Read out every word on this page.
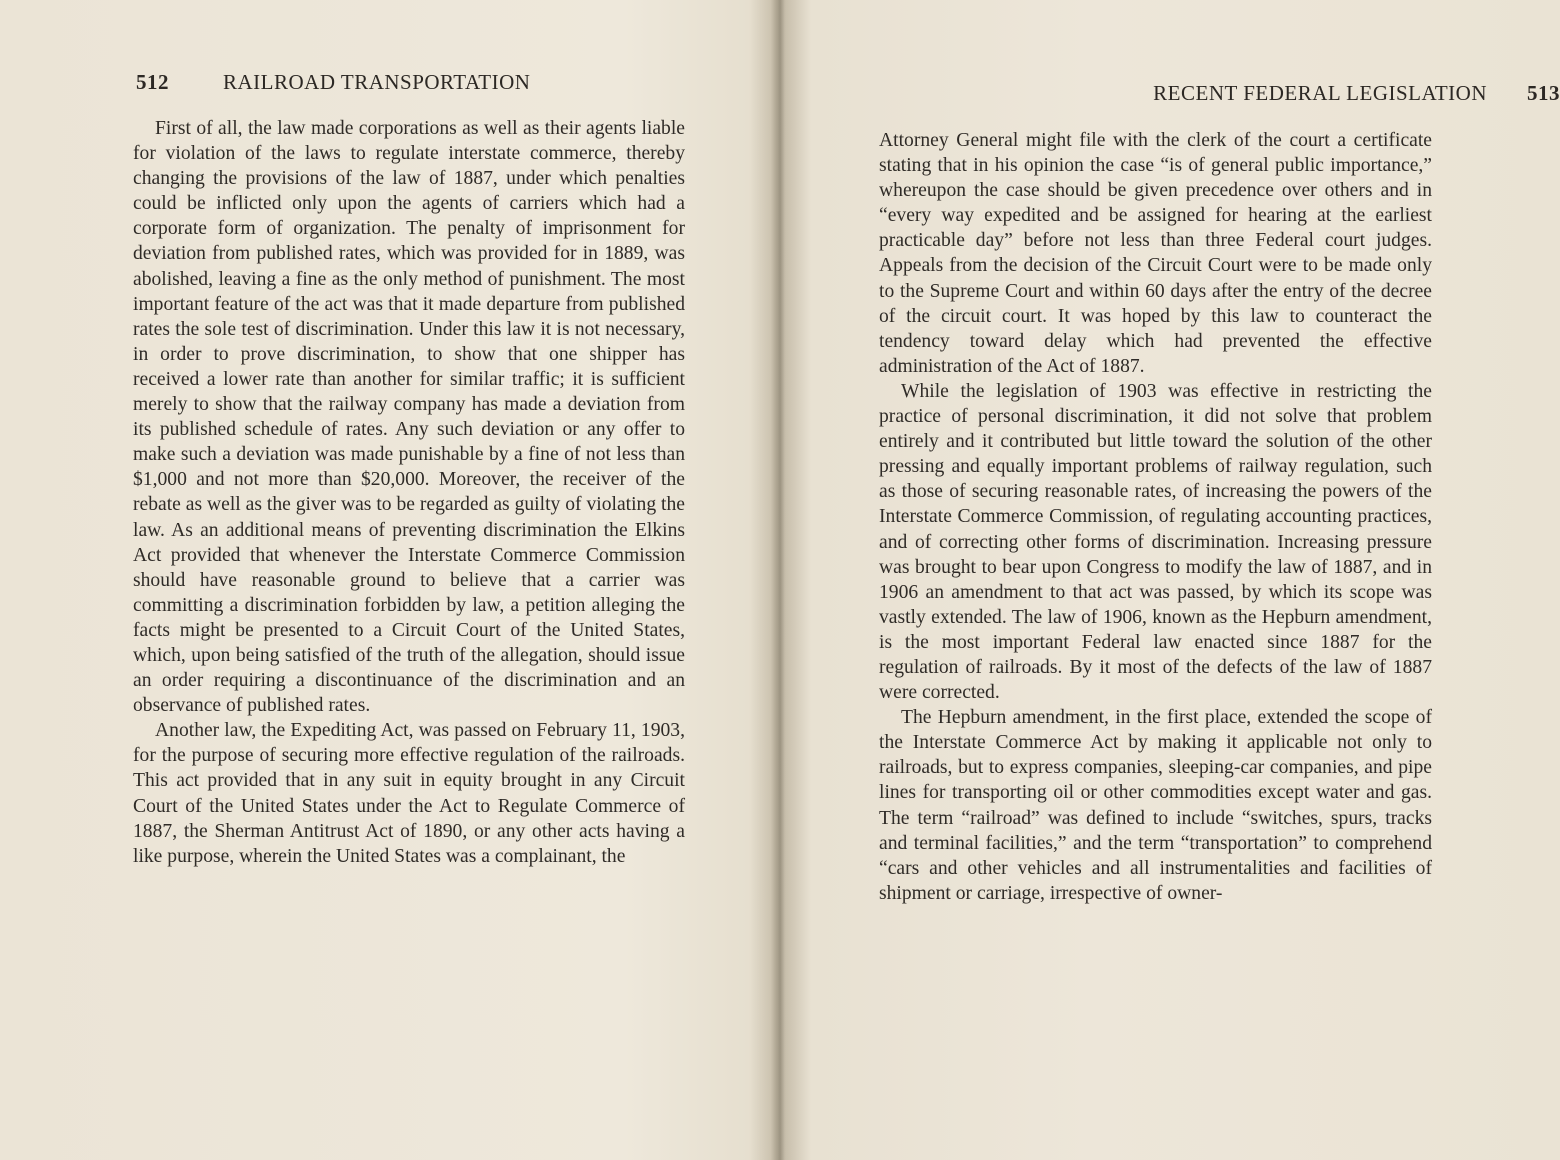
512	RAILROAD TRANSPORTATION

First of all, the law made corporations as well as their agents liable for violation of the laws to regulate interstate commerce, thereby changing the provisions of the law of 1887, under which penalties could be inflicted only upon the agents of carriers which had a corporate form of organization. The penalty of imprisonment for deviation from published rates, which was provided for in 1889, was abolished, leaving a fine as the only method of punishment. The most important feature of the act was that it made departure from published rates the sole test of discrimination. Under this law it is not necessary, in order to prove discrimination, to show that one shipper has received a lower rate than another for similar traffic; it is sufficient merely to show that the railway company has made a deviation from its published schedule of rates. Any such deviation or any offer to make such a deviation was made punishable by a fine of not less than $1,000 and not more than $20,000. Moreover, the receiver of the rebate as well as the giver was to be regarded as guilty of violating the law. As an additional means of preventing discrimination the Elkins Act provided that whenever the Interstate Commerce Commission should have reasonable ground to believe that a carrier was committing a discrimination forbidden by law, a petition alleging the facts might be presented to a Circuit Court of the United States, which, upon being satisfied of the truth of the allegation, should issue an order requiring a discontinuance of the discrimination and an observance of published rates.

Another law, the Expediting Act, was passed on February 11, 1903, for the purpose of securing more effective regulation of the railroads. This act provided that in any suit in equity brought in any Circuit Court of the United States under the Act to Regulate Commerce of 1887, the Sherman Antitrust Act of 1890, or any other acts having a like purpose, wherein the United States was a complainant, the

RECENT FEDERAL LEGISLATION 513

Attorney General might file with the clerk of the court a certificate stating that in his opinion the case “is of general public importance,” whereupon the case should be given precedence over others and in “every way expedited and be assigned for hearing at the earliest practicable day” before not less than three Federal court judges. Appeals from the decision of the Circuit Court were to be made only to the Supreme Court and within 60 days after the entry of the decree of the circuit court. It was hoped by this law to counteract the tendency toward delay which had prevented the effective administration of the Act of 1887.

While the legislation of 1903 was effective in restricting the practice of personal discrimination, it did not solve that problem entirely and it contributed but little toward the solution of the other pressing and equally important problems of railway regulation, such as those of securing reasonable rates, of increasing the powers of the Interstate Commerce Commission, of regulating accounting practices, and of correcting other forms of discrimination. Increasing pressure was brought to bear upon Congress to modify the law of 1887, and in 1906 an amendment to that act was passed, by which its scope was vastly extended. The law of 1906, known as the Hepburn amendment, is the most important Federal law enacted since 1887 for the regulation of railroads. By it most of the defects of the law of 1887 were corrected.

The Hepburn amendment, in the first place, extended the scope of the Interstate Commerce Act by making it applicable not only to railroads, but to express companies, sleeping-car companies, and pipe lines for transporting oil or other commodities except water and gas. The term “railroad” was defined to include “switches, spurs, tracks and terminal facilities,” and the term “transportation” to comprehend “cars and other vehicles and all instrumentalities and facilities of shipment or carriage, irrespective of owner-
